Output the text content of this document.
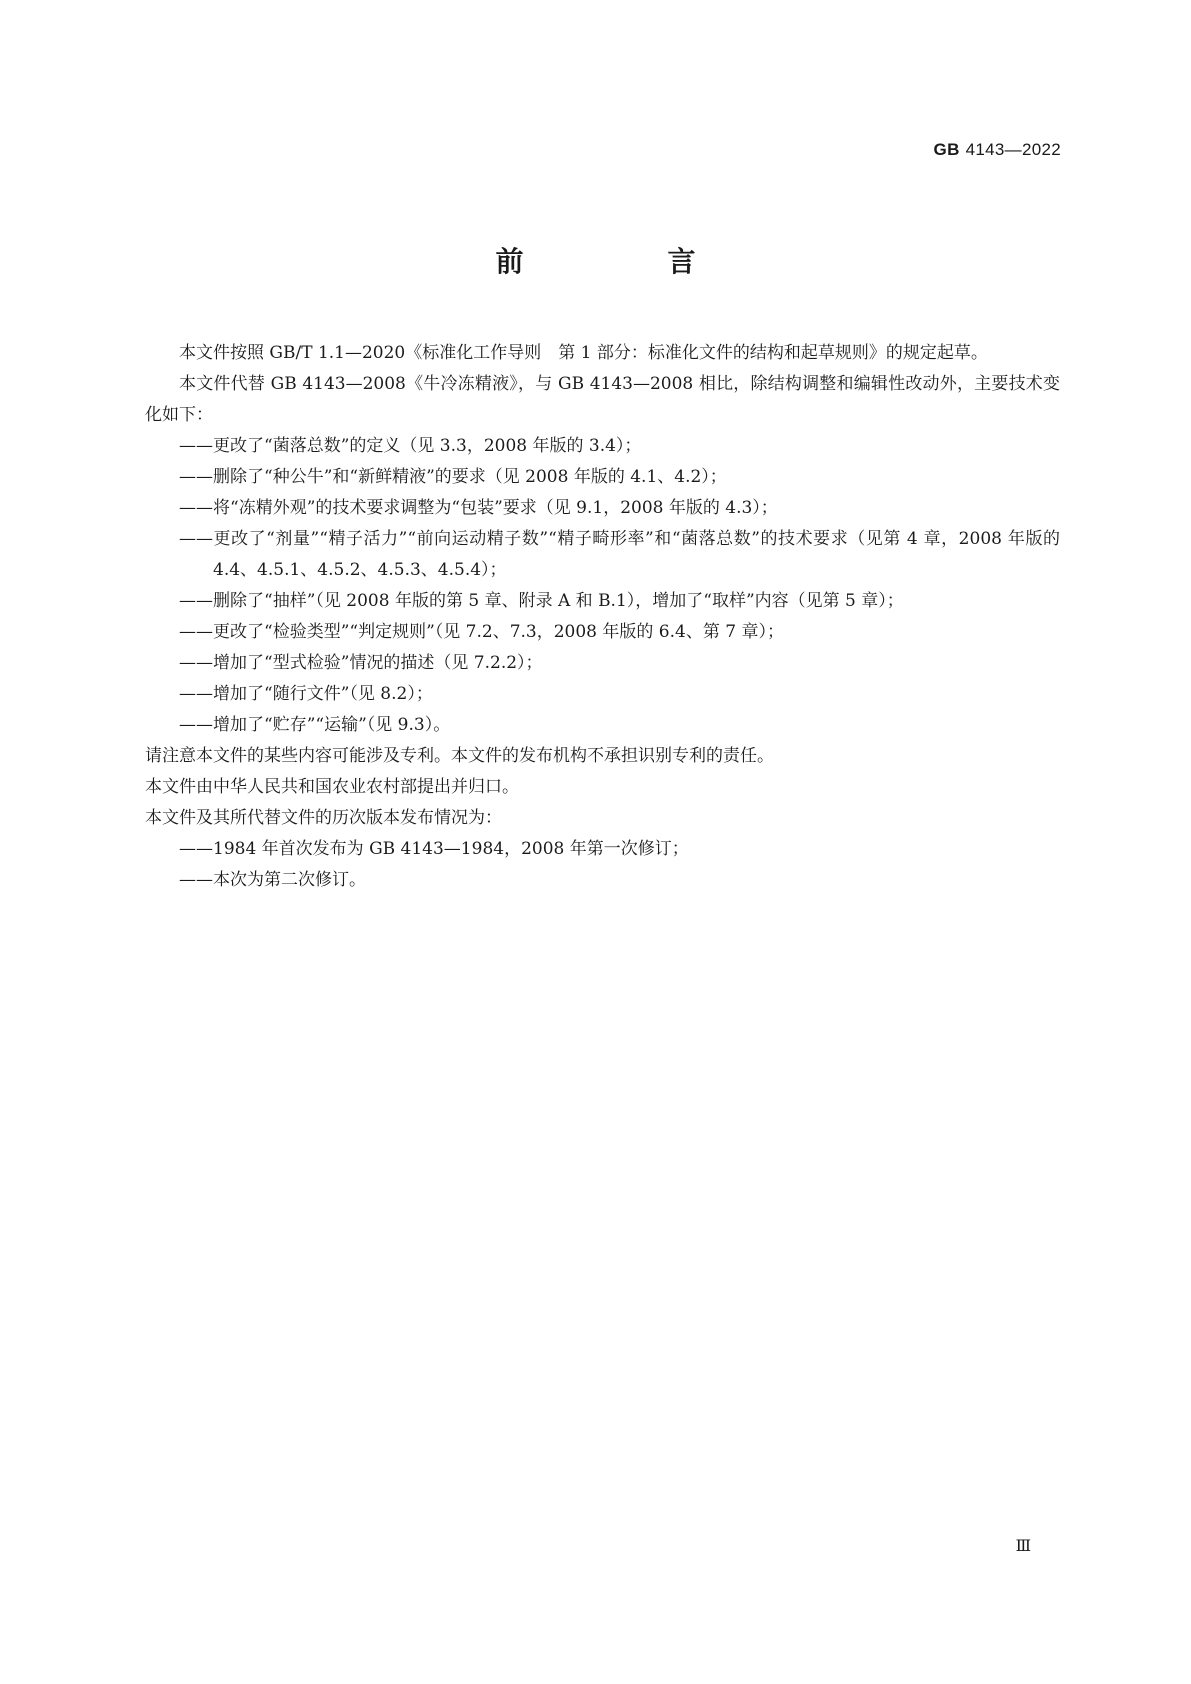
GB 4143—2022
前　言

本文件按照 GB/T 1.1—2020《标准化工作导则　第 1 部分：标准化文件的结构和起草规则》的规定起草。

本文件代替 GB 4143—2008《牛冷冻精液》，与 GB 4143—2008 相比，除结构调整和编辑性改动外，主要技术变化如下：

——更改了“菌落总数”的定义（见 3.3，2008 年版的 3.4）；

——删除了“种公牛”和“新鲜精液”的要求（见 2008 年版的 4.1、4.2）；

——将“冻精外观”的技术要求调整为“包装”要求（见 9.1，2008 年版的 4.3）；

——更改了“剂量”“精子活力”“前向运动精子数”“精子畸形率”和“菌落总数”的技术要求（见第 4 章，2008 年版的 4.4、4.5.1、4.5.2、4.5.3、4.5.4）；

——删除了“抽样”（见 2008 年版的第 5 章、附录 A 和 B.1），增加了“取样”内容（见第 5 章）；

——更改了“检验类型”“判定规则”（见 7.2、7.3，2008 年版的 6.4、第 7 章）；

——增加了“型式检验”情况的描述（见 7.2.2）；

——增加了“随行文件”（见 8.2）；

——增加了“贮存”“运输”（见 9.3）。

请注意本文件的某些内容可能涉及专利。本文件的发布机构不承担识别专利的责任。

本文件由中华人民共和国农业农村部提出并归口。

本文件及其所代替文件的历次版本发布情况为：

——1984 年首次发布为 GB 4143—1984，2008 年第一次修订；

——本次为第二次修订。

Ⅲ
